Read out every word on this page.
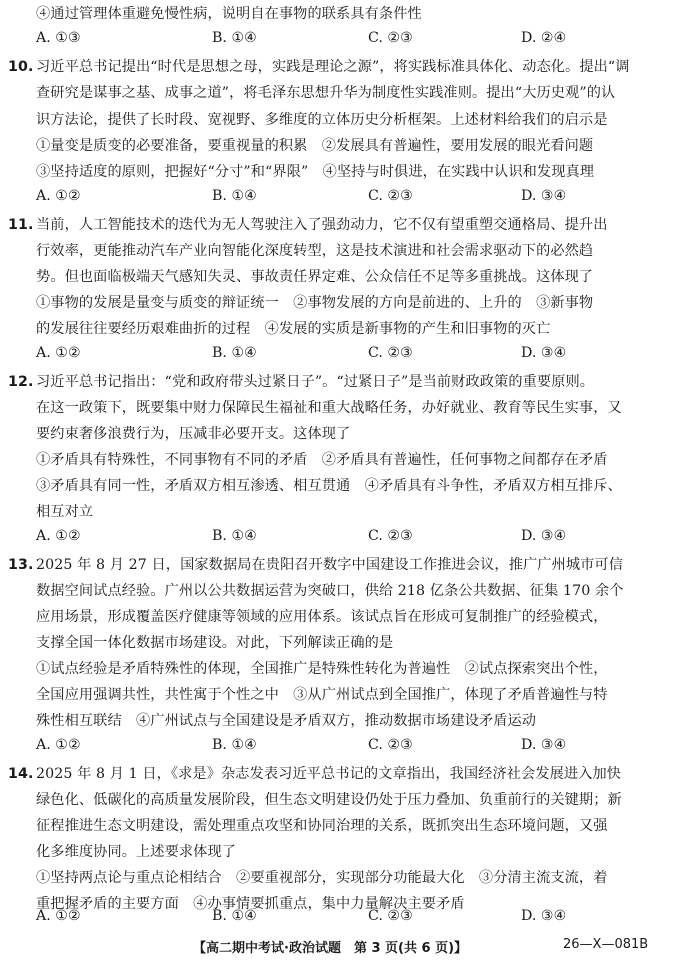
④通过管理体重避免慢性病，说明自在事物的联系具有条件性
A. ①③	B. ①④	C. ②③	D. ②④
10. 习近平总书记提出“时代是思想之母，实践是理论之源”，将实践标准具体化、动态化。提出“调
查研究是谋事之基、成事之道”，将毛泽东思想升华为制度性实践准则。提出“大历史观”的认
识方法论，提供了长时段、宽视野、多维度的立体历史分析框架。上述材料给我们的启示是
①量变是质变的必要准备，要重视量的积累　②发展具有普遍性，要用发展的眼光看问题
③坚持适度的原则，把握好“分寸”和“界限”　④坚持与时俱进，在实践中认识和发现真理
A. ①②	B. ①④	C. ②③	D. ③④
11. 当前，人工智能技术的迭代为无人驾驶注入了强劲动力，它不仅有望重塑交通格局、提升出
行效率，更能推动汽车产业向智能化深度转型，这是技术演进和社会需求驱动下的必然趋
势。但也面临极端天气感知失灵、事故责任界定难、公众信任不足等多重挑战。这体现了
①事物的发展是量变与质变的辩证统一　②事物发展的方向是前进的、上升的　③新事物
的发展往往要经历艰难曲折的过程　④发展的实质是新事物的产生和旧事物的灭亡
A. ①②	B. ①④	C. ②③	D. ③④
12. 习近平总书记指出：“党和政府带头过紧日子”。“过紧日子”是当前财政政策的重要原则。
在这一政策下，既要集中财力保障民生福祉和重大战略任务，办好就业、教育等民生实事，又
要约束奢侈浪费行为，压减非必要开支。这体现了
①矛盾具有特殊性，不同事物有不同的矛盾　②矛盾具有普遍性，任何事物之间都存在矛盾
③矛盾具有同一性，矛盾双方相互渗透、相互贯通　④矛盾具有斗争性，矛盾双方相互排斥、
相互对立
A. ①②	B. ①④	C. ②③	D. ③④
13. 2025 年 8 月 27 日，国家数据局在贵阳召开数字中国建设工作推进会议，推广广州城市可信
数据空间试点经验。广州以公共数据运营为突破口，供给 218 亿条公共数据、征集 170 余个
应用场景，形成覆盖医疗健康等领域的应用体系。该试点旨在形成可复制推广的经验模式，
支撑全国一体化数据市场建设。对此，下列解读正确的是
①试点经验是矛盾特殊性的体现，全国推广是特殊性转化为普遍性　②试点探索突出个性，
全国应用强调共性，共性寓于个性之中　③从广州试点到全国推广，体现了矛盾普遍性与特
殊性相互联结　④广州试点与全国建设是矛盾双方，推动数据市场建设矛盾运动
A. ①②	B. ①④	C. ②③	D. ③④
14. 2025 年 8 月 1 日，《求是》杂志发表习近平总书记的文章指出，我国经济社会发展进入加快
绿色化、低碳化的高质量发展阶段，但生态文明建设仍处于压力叠加、负重前行的关键期；新
征程推进生态文明建设，需处理重点攻坚和协同治理的关系，既抓突出生态环境问题，又强
化多维度协同。上述要求体现了
①坚持两点论与重点论相结合　②要重视部分，实现部分功能最大化　③分清主流支流，着
重把握矛盾的主要方面　④办事情要抓重点，集中力量解决主要矛盾
A. ①②	B. ①④	C. ②③	D. ③④
【高二期中考试·政治试题　第 3 页(共 6 页)】	26—X—081B
